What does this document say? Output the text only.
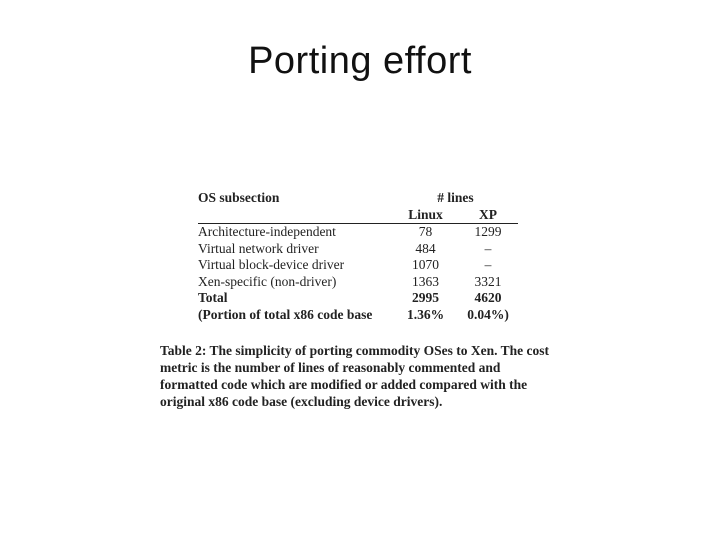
Porting effort
OS subsection	# lines	
	Linux	XP
Architecture-independent	78	1299
Virtual network driver	484	–
Virtual block-device driver	1070	–
Xen-specific (non-driver)	1363	3321
Total	2995	4620
(Portion of total x86 code base	1.36%	0.04%)
Table 2: The simplicity of porting commodity OSes to Xen. The cost metric is the number of lines of reasonably commented and formatted code which are modified or added compared with the original x86 code base (excluding device drivers).
